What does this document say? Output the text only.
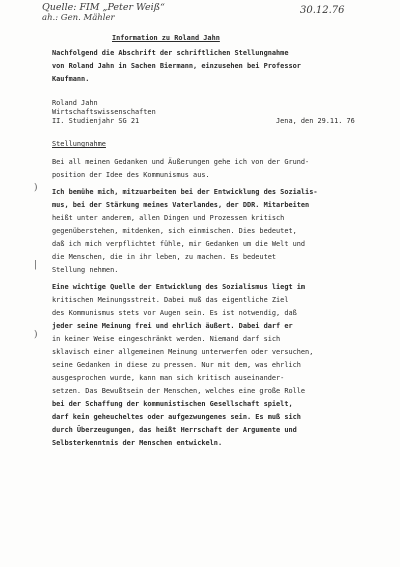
Quelle: FIM „Peter Weiß“
ah.: Gen. Mähler
30.12.76
Information zu Roland Jahn
Nachfolgend die Abschrift der schriftlichen Stellungnahme
von Roland Jahn in Sachen Biermann, einzusehen bei Professor
Kaufmann.
Roland Jahn
Wirtschaftswissenschaften
II. Studienjahr SG 21	Jena, den 29.11. 76
Stellungnahme
Bei all meinen Gedanken und Äußerungen gehe ich von der Grund-
position der Idee des Kommunismus aus.
Ich bemühe mich, mitzuarbeiten bei der Entwicklung des Sozialis-
mus, bei der Stärkung meines Vaterlandes, der DDR. Mitarbeiten
heißt unter anderem, allen Dingen und Prozessen kritisch
gegenüberstehen, mitdenken, sich einmischen. Dies bedeutet,
daß ich mich verpflichtet fühle, mir Gedanken um die Welt und
die Menschen, die in ihr leben, zu machen. Es bedeutet
Stellung nehmen.
Eine wichtige Quelle der Entwicklung des Sozialismus liegt im
kritischen Meinungsstreit. Dabei muß das eigentliche Ziel
des Kommunismus stets vor Augen sein. Es ist notwendig, daß
jeder seine Meinung frei und ehrlich äußert. Dabei darf er
in keiner Weise eingeschränkt werden. Niemand darf sich
sklavisch einer allgemeinen Meinung unterwerfen oder versuchen,
seine Gedanken in diese zu pressen. Nur mit dem, was ehrlich
ausgesprochen wurde, kann man sich kritisch auseinander-
setzen. Das Bewußtsein der Menschen, welches eine große Rolle
bei der Schaffung der kommunistischen Gesellschaft spielt,
darf kein geheucheltes oder aufgezwungenes sein. Es muß sich
durch Überzeugungen, das heißt Herrschaft der Argumente und
Selbsterkenntnis der Menschen entwickeln.
)
|
)
